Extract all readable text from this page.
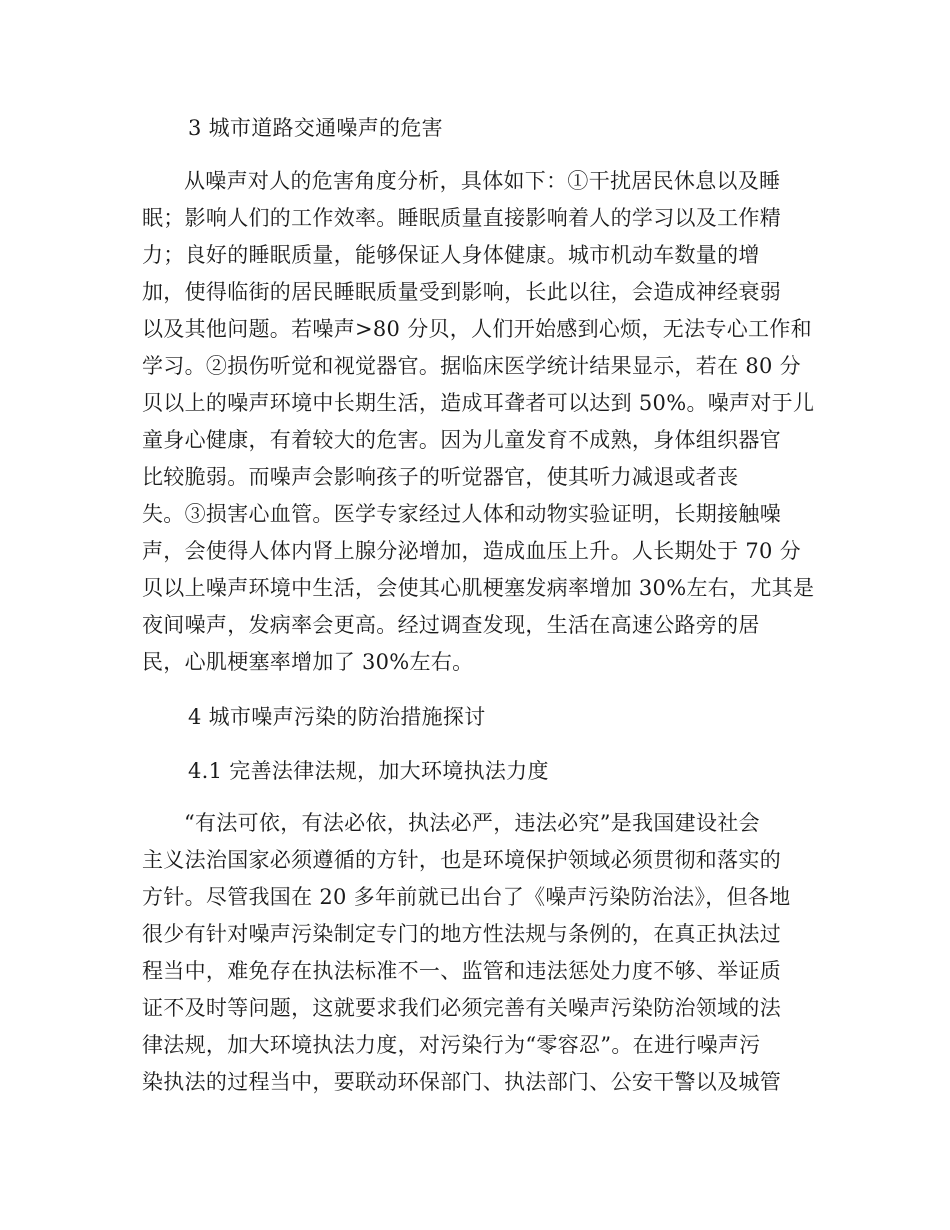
3 城市道路交通噪声的危害
从噪声对人的危害角度分析，具体如下：①干扰居民休息以及睡
眠；影响人们的工作效率。睡眠质量直接影响着人的学习以及工作精
力；良好的睡眠质量，能够保证人身体健康。城市机动车数量的增
加，使得临街的居民睡眠质量受到影响，长此以往，会造成神经衰弱
以及其他问题。若噪声>80 分贝，人们开始感到心烦，无法专心工作和
学习。②损伤听觉和视觉器官。据临床医学统计结果显示，若在 80 分
贝以上的噪声环境中长期生活，造成耳聋者可以达到 50%。噪声对于儿
童身心健康，有着较大的危害。因为儿童发育不成熟，身体组织器官
比较脆弱。而噪声会影响孩子的听觉器官，使其听力减退或者丧
失。③损害心血管。医学专家经过人体和动物实验证明，长期接触噪
声，会使得人体内肾上腺分泌增加，造成血压上升。人长期处于 70 分
贝以上噪声环境中生活，会使其心肌梗塞发病率增加 30%左右，尤其是
夜间噪声，发病率会更高。经过调查发现，生活在高速公路旁的居
民，心肌梗塞率增加了 30%左右。
4 城市噪声污染的防治措施探讨
4.1 完善法律法规，加大环境执法力度
“有法可依，有法必依，执法必严，违法必究”是我国建设社会
主义法治国家必须遵循的方针，也是环境保护领域必须贯彻和落实的
方针。尽管我国在 20 多年前就已出台了《噪声污染防治法》，但各地
很少有针对噪声污染制定专门的地方性法规与条例的，在真正执法过
程当中，难免存在执法标准不一、监管和违法惩处力度不够、举证质
证不及时等问题，这就要求我们必须完善有关噪声污染防治领域的法
律法规，加大环境执法力度，对污染行为“零容忍”。在进行噪声污
染执法的过程当中，要联动环保部门、执法部门、公安干警以及城管
